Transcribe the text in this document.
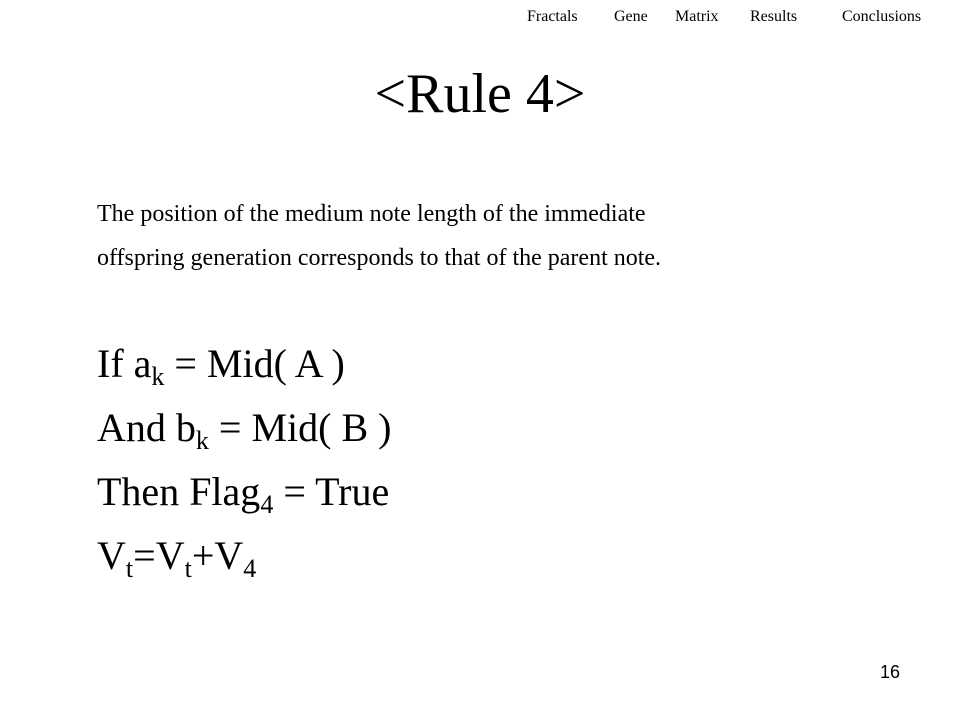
Fractals Gene Matrix Results	Conclusions
<Rule 4>

The position of the medium note length of the immediate
offspring generation corresponds to that of the parent note.

If $a_k = Mid$( A )
And $b_k = Mid$( B )
Then Flag$_4$ = True
$V_t=V_t+V_4$
16
